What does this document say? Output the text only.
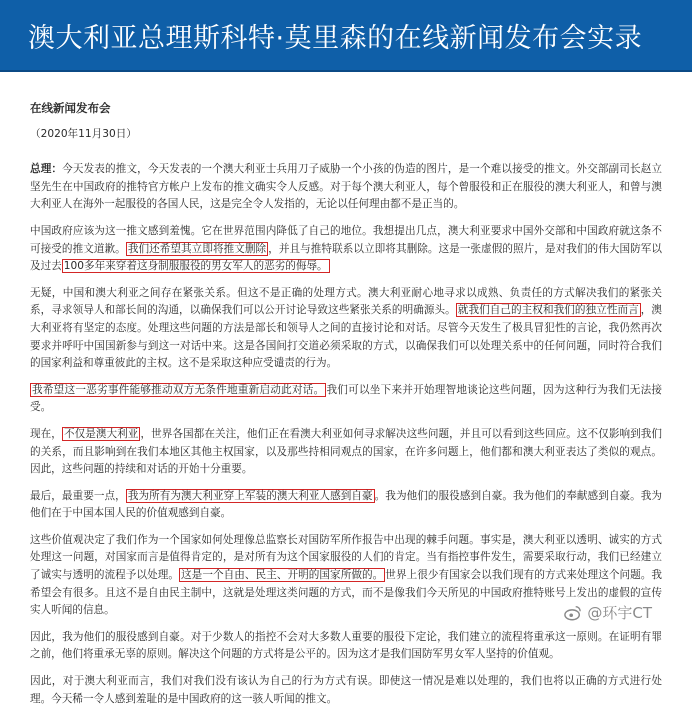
澳大利亚总理斯科特·莫里森的在线新闻发布会实录
在线新闻发布会
（2020年11月30日）

总理：今天发表的推文，今天发表的一个澳大利亚士兵用刀子威胁一个小孩的伪造的图片，是一个难以接受的推文。外交部副司长赵立坚先生在中国政府的推特官方帐户上发布的推文确实令人反感。对于每个澳大利亚人，每个曾服役和正在服役的澳大利亚人，和曾与澳大利亚人在海外一起服役的各国人民，这是完全令人发指的，无论以任何理由都不是正当的。

中国政府应该为这一推文感到羞愧。它在世界范围内降低了自己的地位。我想提出几点，澳大利亚要求中国外交部和中国政府就这条不可接受的推文道歉。 我们还希望其立即将推文删除 ，并且与推特联系以立即将其删除。这是一张虚假的照片，是对我们的伟大国防军以及过去 100多年来穿着这身制服服役的男女军人的恶劣的侮辱。

无疑，中国和澳大利亚之间存在紧张关系。但这不是正确的处理方式。澳大利亚耐心地寻求以成熟、负责任的方式解决我们的紧张关系，寻求领导人和部长间的沟通，以确保我们可以公开讨论导致这些紧张关系的明确源头。 就我们自己的主权和我们的独立性而言 ，澳大利亚将有坚定的态度。处理这些问题的方法是部长和领导人之间的直接讨论和对话。尽管今天发生了极具冒犯性的言论，我仍然再次要求并呼吁中国国新参与到这一对话中来。这是各国间打交道必须采取的方式，以确保我们可以处理关系中的任何问题，同时符合我们的国家利益和尊重彼此的主权。这不是采取这种应受谴责的行为。

我希望这一恶劣事件能够推动双方无条件地重新启动此对话。 我们可以坐下来并开始理智地谈论这些问题，因为这种行为我们无法接受。

现在， 不仅是澳大利亚 ，世界各国都在关注，他们正在看澳大利亚如何寻求解决这些问题，并且可以看到这些回应。这不仅影响到我们的关系，而且影响到在我们本地区其他主权国家，以及那些持相同观点的国家，在许多问题上，他们都和澳大利亚表达了类似的观点。因此，这些问题的持续和对话的开始十分重要。

最后，最重要一点， 我为所有为澳大利亚穿上军装的澳大利亚人感到自豪 。我为他们的服役感到自豪。我为他们的奉献感到自豪。我为他们在于中国本国人民的价值观感到自豪。

这些价值观决定了我们作为一个国家如何处理像总监察长对国防军所作报告中出现的棘手问题。事实是，澳大利亚以透明、诚实的方式处理这一问题，对国家而言是值得肯定的，是对所有为这个国家服役的人们的肯定。当有指控事件发生，需要采取行动，我们已经建立了诚实与透明的流程予以处理。 这是一个自由、民主、开明的国家所做的。 世界上很少有国家会以我们现有的方式来处理这个问题。我希望会有很多。且这不是自由民主制中，这就是处理这类问题的方式，而不是像我们今天所见的中国政府推特账号上发出的虚假的宣传实人听闻的信息。

因此，我为他们的服役感到自豪。对于少数人的指控不会对大多数人重要的服役下定论，我们建立的流程将重承这一原则。在证明有罪之前，他们将重承无辜的原则。解决这个问题的方式将是公平的。因为这才是我们国防军男女军人坚持的价值观。

因此，对于澳大利亚而言，我们对我们没有该认为自己的行为方式有误。即使这一情况是难以处理的，我们也将以正确的方式进行处理。今天稀一令人感到羞耻的是中国政府的这一骇人听闻的推文。

@环宇CT
